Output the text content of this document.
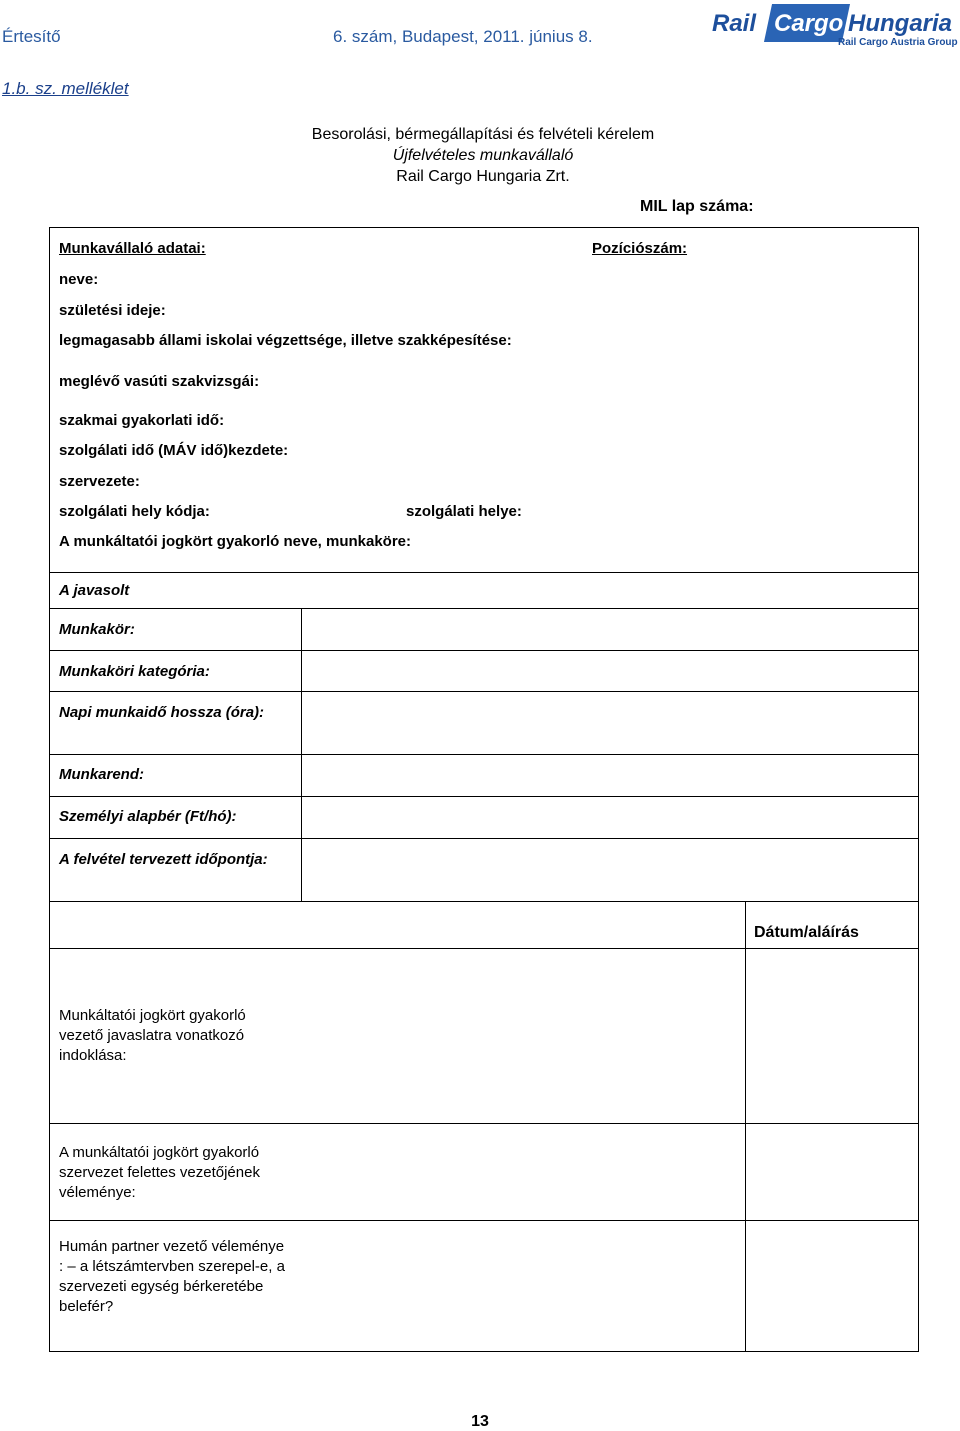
Értesítő	6. szám, Budapest, 2011. június 8.	Rail Cargo Hungaria
Rail Cargo Austria Group
1.b. sz. melléklet
Besorolási, bérmegállapítási és felvételi kérelem
Újfelvételes munkavállaló
Rail Cargo Hungaria Zrt.
MIL lap száma:
Munkavállaló adatai:	Pozíciószám:
neve:
születési ideje:
legmagasabb állami iskolai végzettsége, illetve szakképesítése:
meglévő vasúti szakvizsgái:
szakmai gyakorlati idő:
szolgálati idő (MÁV idő)kezdete:
szervezete:
szolgálati hely kódja:	szolgálati helye:
A munkáltatói jogkört gyakorló neve, munkaköre:
A javasolt
Munkakör:
Munkaköri kategória:
Napi munkaidő hossza (óra):
Munkarend:
Személyi alapbér (Ft/hó):
A felvétel tervezett időpontja:
Dátum/aláírás
Munkáltatói jogkört gyakorló vezető javaslatra vonatkozó indoklása:
A munkáltatói jogkört gyakorló szervezet felettes vezetőjének véleménye:
Humán partner vezető véleménye : – a létszámtervben szerepel-e, a szervezeti egység bérkeretébe belefér?
13
